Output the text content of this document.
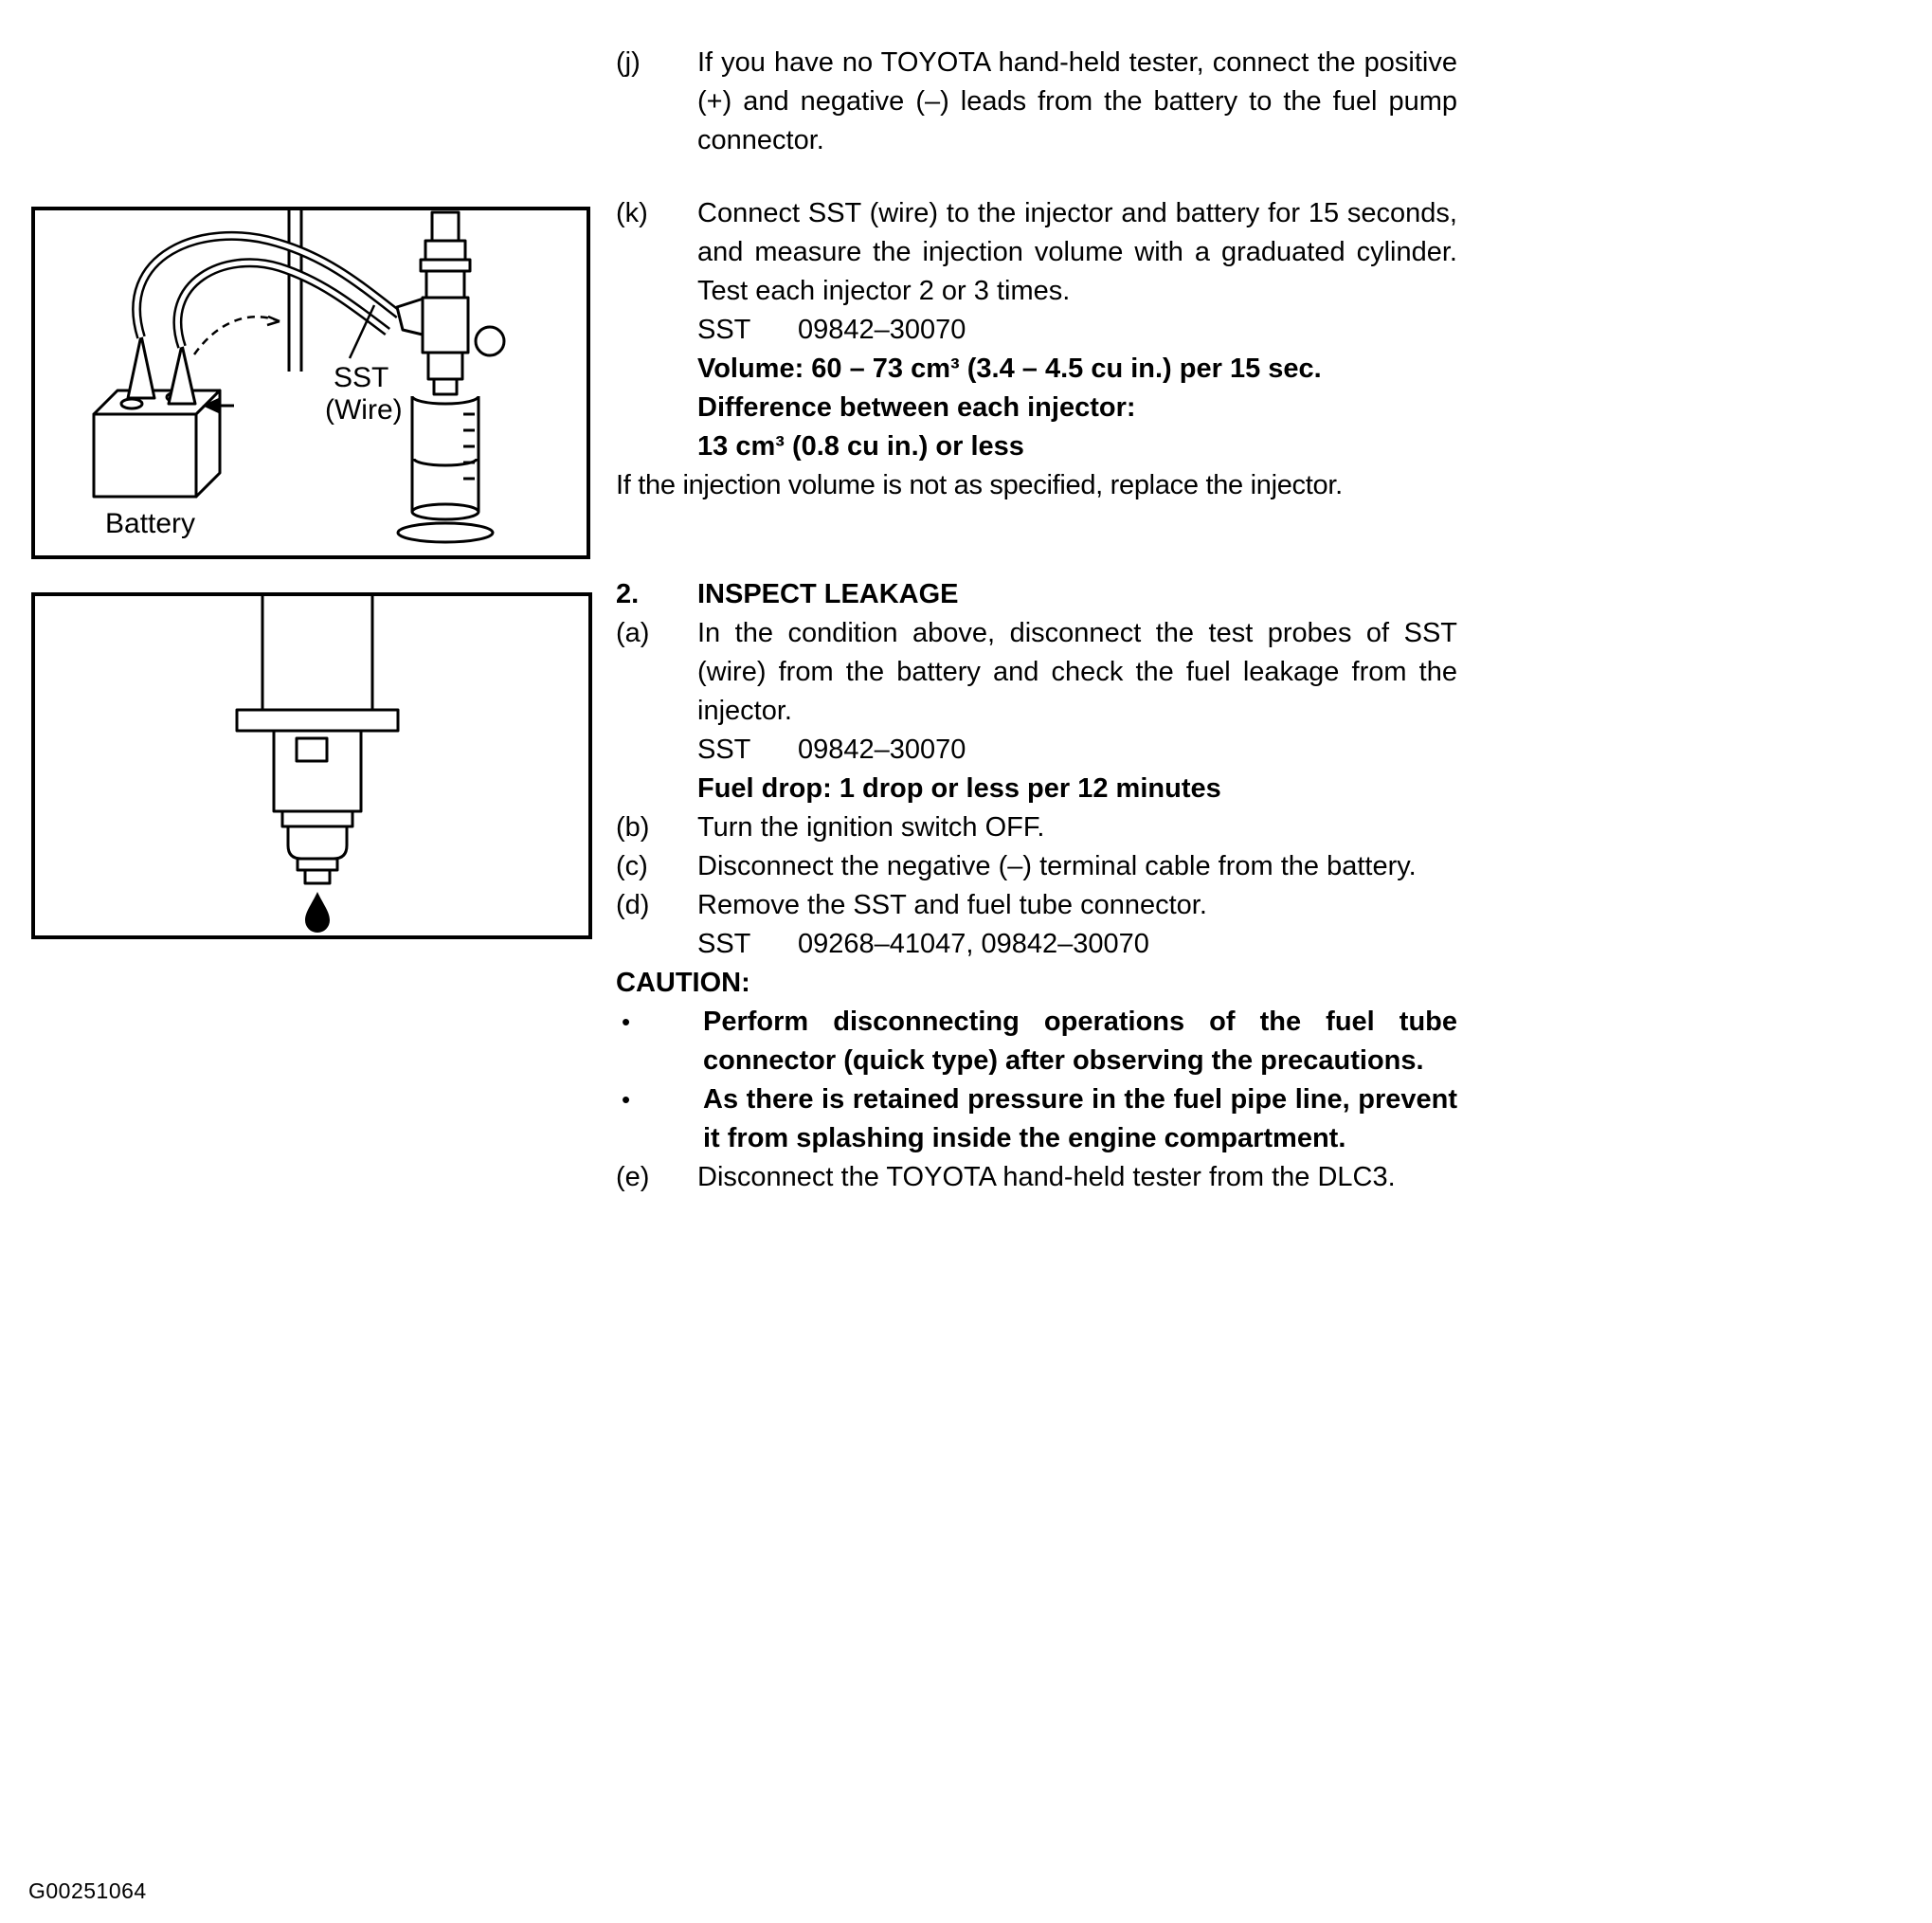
SST
(Wire)
Battery
(j)	If you have no TOYOTA hand-held tester, connect the positive (+) and negative (–) leads from the battery to the fuel pump connector.

(k)	Connect SST (wire) to the injector and battery for 15 seconds, and measure the injection volume with a graduated cylinder. Test each injector 2 or 3 times.

SST 09842–30070

Volume: 60 – 73 cm³ (3.4 – 4.5 cu in.) per 15 sec.

Difference between each injector:

13 cm³ (0.8 cu in.) or less

If the injection volume is not as specified, replace the injector.

2.	INSPECT LEAKAGE

(a)	In the condition above, disconnect the test probes of SST (wire) from the battery and check the fuel leakage from the injector.

SST 09842–30070

Fuel drop: 1 drop or less per 12 minutes

(b)	Turn the ignition switch OFF.

(c)	Disconnect the negative (–) terminal cable from the battery.

(d)	Remove the SST and fuel tube connector.

SST 09268–41047, 09842–30070

CAUTION:

•	Perform disconnecting operations of the fuel tube connector (quick type) after observing the precautions.

•	As there is retained pressure in the fuel pipe line, prevent it from splashing inside the engine compartment.

(e)	Disconnect the TOYOTA hand-held tester from the DLC3.

G00251064
